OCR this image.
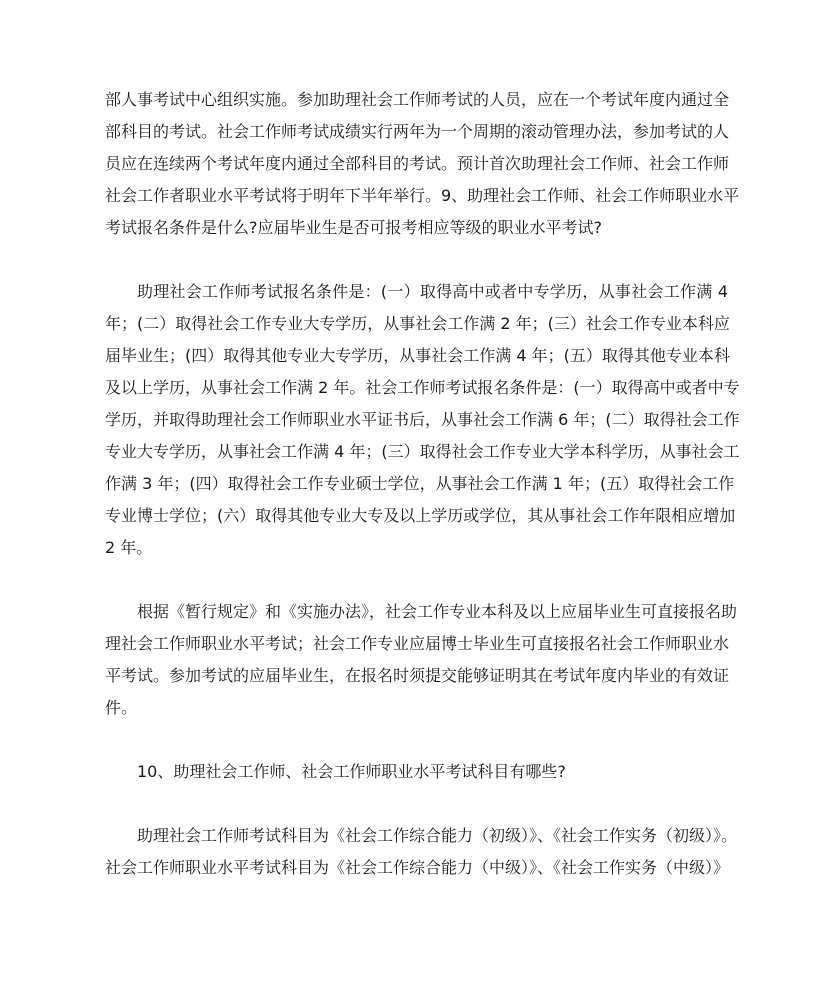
部人事考试中心组织实施。参加助理社会工作师考试的人员，应在一个考试年度内通过全
部科目的考试。社会工作师考试成绩实行两年为一个周期的滚动管理办法，参加考试的人
员应在连续两个考试年度内通过全部科目的考试。预计首次助理社会工作师、社会工作师
社会工作者职业水平考试将于明年下半年举行。9、助理社会工作师、社会工作师职业水平
考试报名条件是什么?应届毕业生是否可报考相应等级的职业水平考试?
助理社会工作师考试报名条件是：(一）取得高中或者中专学历，从事社会工作满 4
年；(二）取得社会工作专业大专学历，从事社会工作满 2 年；(三）社会工作专业本科应
届毕业生；(四）取得其他专业大专学历，从事社会工作满 4 年；(五）取得其他专业本科
及以上学历，从事社会工作满 2 年。社会工作师考试报名条件是：(一）取得高中或者中专
学历，并取得助理社会工作师职业水平证书后，从事社会工作满 6 年；(二）取得社会工作
专业大专学历，从事社会工作满 4 年；(三）取得社会工作专业大学本科学历，从事社会工
作满 3 年；(四）取得社会工作专业硕士学位，从事社会工作满 1 年；(五）取得社会工作
专业博士学位；(六）取得其他专业大专及以上学历或学位，其从事社会工作年限相应增加
2 年。
根据《暂行规定》和《实施办法》，社会工作专业本科及以上应届毕业生可直接报名助
理社会工作师职业水平考试；社会工作专业应届博士毕业生可直接报名社会工作师职业水
平考试。参加考试的应届毕业生，在报名时须提交能够证明其在考试年度内毕业的有效证
件。
10、助理社会工作师、社会工作师职业水平考试科目有哪些?
助理社会工作师考试科目为《社会工作综合能力（初级）》、《社会工作实务（初级）》。
社会工作师职业水平考试科目为《社会工作综合能力（中级）》、《社会工作实务（中级）》
